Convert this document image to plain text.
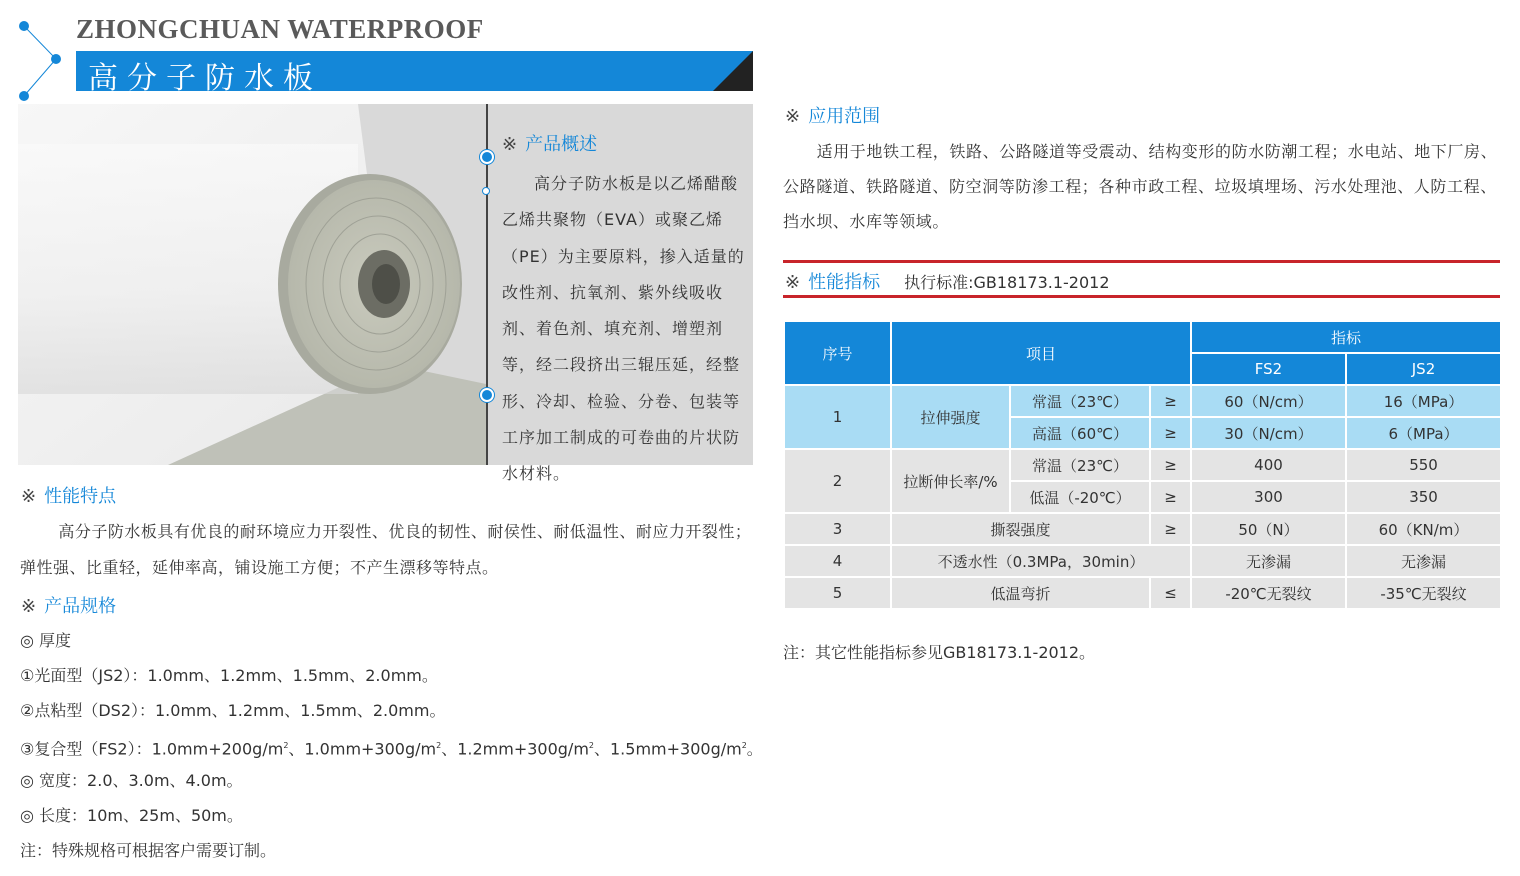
ZHONGCHUAN WATERPROOF
高分子防水板
※ 产品概述
高分子防水板是以乙烯醋酸乙烯共聚物（EVA）或聚乙烯（PE）为主要原料，掺入适量的改性剂、抗氧剂、紫外线吸收剂、着色剂、填充剂、增塑剂等，经二段挤出三辊压延，经整形、冷却、检验、分卷、包装等工序加工制成的可卷曲的片状防水材料。
※ 性能特点
高分子防水板具有优良的耐环境应力开裂性、优良的韧性、耐侯性、耐低温性、耐应力开裂性；弹性强、比重轻，延伸率高，铺设施工方便；不产生漂移等特点。
※ 产品规格
◎ 厚度
①光面型（JS2）：1.0mm、1.2mm、1.5mm、2.0mm。
②点粘型（DS2）：1.0mm、1.2mm、1.5mm、2.0mm。
③复合型（FS2）：$1.0mm+200g/m^2$、$1.0mm+300g/m^2$、$1.2mm+300g/m^2$、$1.5mm+300g/m^2$。
◎ 宽度：2.0、3.0m、4.0m。
◎ 长度：10m、25m、50m。
注：特殊规格可根据客户需要订制。
※ 应用范围
适用于地铁工程，铁路、公路隧道等受震动、结构变形的防水防潮工程；水电站、地下厂房、公路隧道、铁路隧道、防空洞等防渗工程；各种市政工程、垃圾填埋场、污水处理池、人防工程、挡水坝、水库等领域。
※ 性能指标 执行标准:GB18173.1-2012
序号	项目			指标	
				FS2	JS2
1	拉伸强度	常温（23℃）	≥	60（N/cm）	16（MPa）
		高温（60℃）	≥	30（N/cm）	6（MPa）
2	拉断伸长率/%	常温（23℃）	≥	400	550
		低温（-20℃）	≥	300	350
3	撕裂强度		≥	50（N）	60（KN/m）
4	不透水性（0.3MPa，30min）			无渗漏	无渗漏
5	低温弯折		≤	-20℃无裂纹	-35℃无裂纹
注：其它性能指标参见GB18173.1-2012。
